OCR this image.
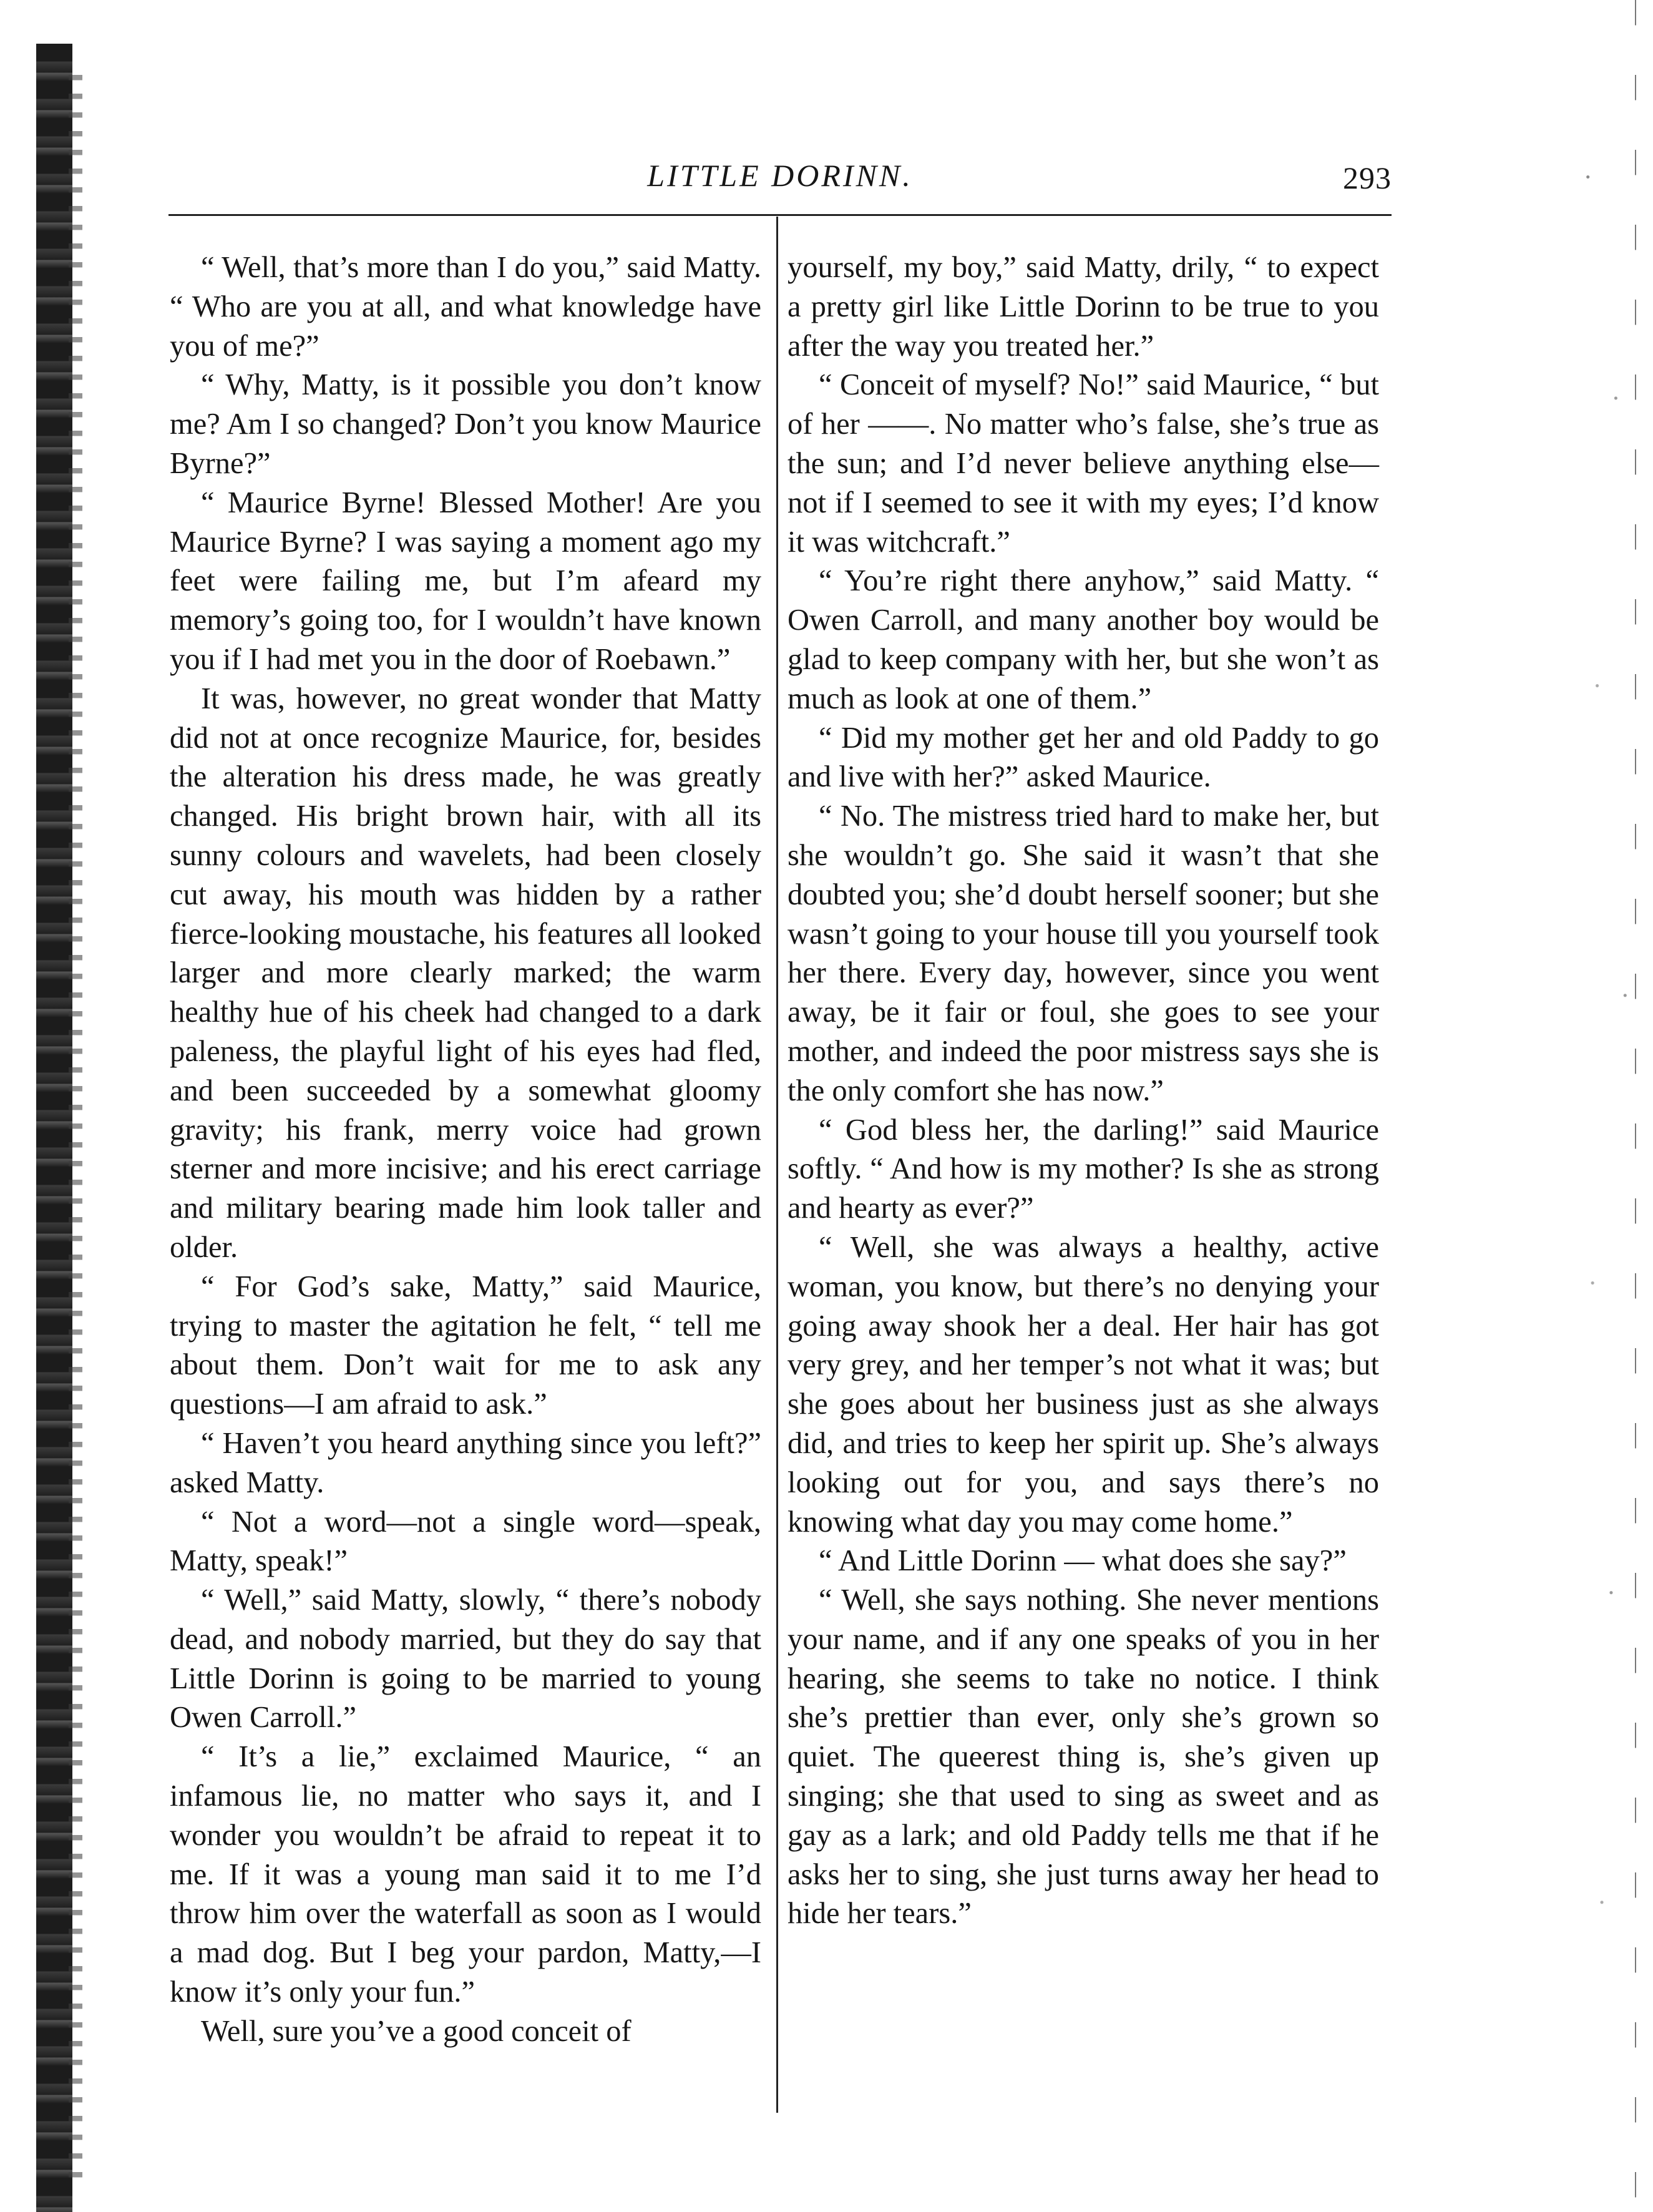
LITTLE DORINN.	293

“ Well, that’s more than I do you,” said Matty. “ Who are you at all, and what knowledge have you of me?”

“ Why, Matty, is it possible you don’t know me? Am I so changed? Don’t you know Maurice Byrne?”

“ Maurice Byrne! Blessed Mother! Are you Maurice Byrne? I was saying a moment ago my feet were failing me, but I’m afeard my memory’s going too, for I wouldn’t have known you if I had met you in the door of Roebawn.”

It was, however, no great wonder that Matty did not at once recognize Maurice, for, besides the alteration his dress made, he was greatly changed. His bright brown hair, with all its sunny colours and wavelets, had been closely cut away, his mouth was hidden by a rather fierce-looking moustache, his features all looked larger and more clearly marked; the warm healthy hue of his cheek had changed to a dark paleness, the playful light of his eyes had fled, and been succeeded by a somewhat gloomy gravity; his frank, merry voice had grown sterner and more incisive; and his erect carriage and military bearing made him look taller and older.

“ For God’s sake, Matty,” said Maurice, trying to master the agitation he felt, “ tell me about them. Don’t wait for me to ask any questions—I am afraid to ask.”

“ Haven’t you heard anything since you left?” asked Matty.

“ Not a word—not a single word—speak, Matty, speak!”

“ Well,” said Matty, slowly, “ there’s nobody dead, and nobody married, but they do say that Little Dorinn is going to be married to young Owen Carroll.”

“ It’s a lie,” exclaimed Maurice, “ an infamous lie, no matter who says it, and I wonder you wouldn’t be afraid to repeat it to me. If it was a young man said it to me I’d throw him over the waterfall as soon as I would a mad dog. But I beg your pardon, Matty,—I know it’s only your fun.”

Well, sure you’ve a good conceit of

yourself, my boy,” said Matty, drily, “ to expect a pretty girl like Little Dorinn to be true to you after the way you treated her.”

“ Conceit of myself? No!” said Maurice, “ but of her ——. No matter who’s false, she’s true as the sun; and I’d never believe anything else—not if I seemed to see it with my eyes; I’d know it was witchcraft.”

“ You’re right there anyhow,” said Matty. “ Owen Carroll, and many another boy would be glad to keep company with her, but she won’t as much as look at one of them.”

“ Did my mother get her and old Paddy to go and live with her?” asked Maurice.

“ No. The mistress tried hard to make her, but she wouldn’t go. She said it wasn’t that she doubted you; she’d doubt herself sooner; but she wasn’t going to your house till you yourself took her there. Every day, however, since you went away, be it fair or foul, she goes to see your mother, and indeed the poor mistress says she is the only comfort she has now.”

“ God bless her, the darling!” said Maurice softly. “ And how is my mother? Is she as strong and hearty as ever?”

“ Well, she was always a healthy, active woman, you know, but there’s no denying your going away shook her a deal. Her hair has got very grey, and her temper’s not what it was; but she goes about her business just as she always did, and tries to keep her spirit up. She’s always looking out for you, and says there’s no knowing what day you may come home.”

“ And Little Dorinn — what does she say?”

“ Well, she says nothing. She never mentions your name, and if any one speaks of you in her hearing, she seems to take no notice. I think she’s prettier than ever, only she’s grown so quiet. The queerest thing is, she’s given up singing; she that used to sing as sweet and as gay as a lark; and old Paddy tells me that if he asks her to sing, she just turns away her head to hide her tears.”
